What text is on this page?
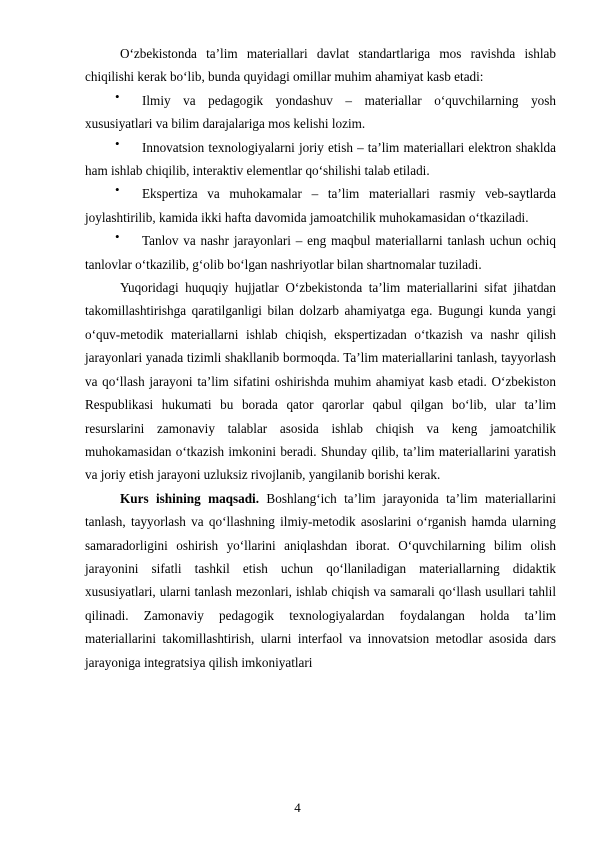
O‘zbekistonda ta’lim materiallari davlat standartlariga mos ravishda ishlab chiqilishi kerak bo‘lib, bunda quyidagi omillar muhim ahamiyat kasb etadi:

•	Ilmiy va pedagogik yondashuv – materiallar o‘quvchilarning yosh xususiyatlari va bilim darajalariga mos kelishi lozim.

•	Innovatsion texnologiyalarni joriy etish – ta’lim materiallari elektron shaklda ham ishlab chiqilib, interaktiv elementlar qo‘shilishi talab etiladi.

•	Ekspertiza va muhokamalar – ta’lim materiallari rasmiy veb-saytlarda joylashtirilib, kamida ikki hafta davomida jamoatchilik muhokamasidan o‘tkaziladi.

•	Tanlov va nashr jarayonlari – eng maqbul materiallarni tanlash uchun ochiq tanlovlar o‘tkazilib, g‘olib bo‘lgan nashriyotlar bilan shartnomalar tuziladi.

Yuqoridagi huquqiy hujjatlar O‘zbekistonda ta’lim materiallarini sifat jihatdan takomillashtirishga qaratilganligi bilan dolzarb ahamiyatga ega. Bugungi kunda yangi o‘quv-metodik materiallarni ishlab chiqish, ekspertizadan o‘tkazish va nashr qilish jarayonlari yanada tizimli shakllanib bormoqda. Ta’lim materiallarini tanlash, tayyorlash va qo‘llash jarayoni ta’lim sifatini oshirishda muhim ahamiyat kasb etadi. O‘zbekiston Respublikasi hukumati bu borada qator qarorlar qabul qilgan bo‘lib, ular ta’lim resurslarini zamonaviy talablar asosida ishlab chiqish va keng jamoatchilik muhokamasidan o‘tkazish imkonini beradi. Shunday qilib, ta’lim materiallarini yaratish va joriy etish jarayoni uzluksiz rivojlanib, yangilanib borishi kerak.

Kurs ishining maqsadi. Boshlang‘ich ta’lim jarayonida ta’lim materiallarini tanlash, tayyorlash va qo‘llashning ilmiy-metodik asoslarini o‘rganish hamda ularning samaradorligini oshirish yo‘llarini aniqlashdan iborat. O‘quvchilarning bilim olish jarayonini sifatli tashkil etish uchun qo‘llaniladigan materiallarning didaktik xususiyatlari, ularni tanlash mezonlari, ishlab chiqish va samarali qo‘llash usullari tahlil qilinadi. Zamonaviy pedagogik texnologiyalardan foydalangan holda ta’lim materiallarini takomillashtirish, ularni interfaol va innovatsion metodlar asosida dars jarayoniga integratsiya qilish imkoniyatlari

4
